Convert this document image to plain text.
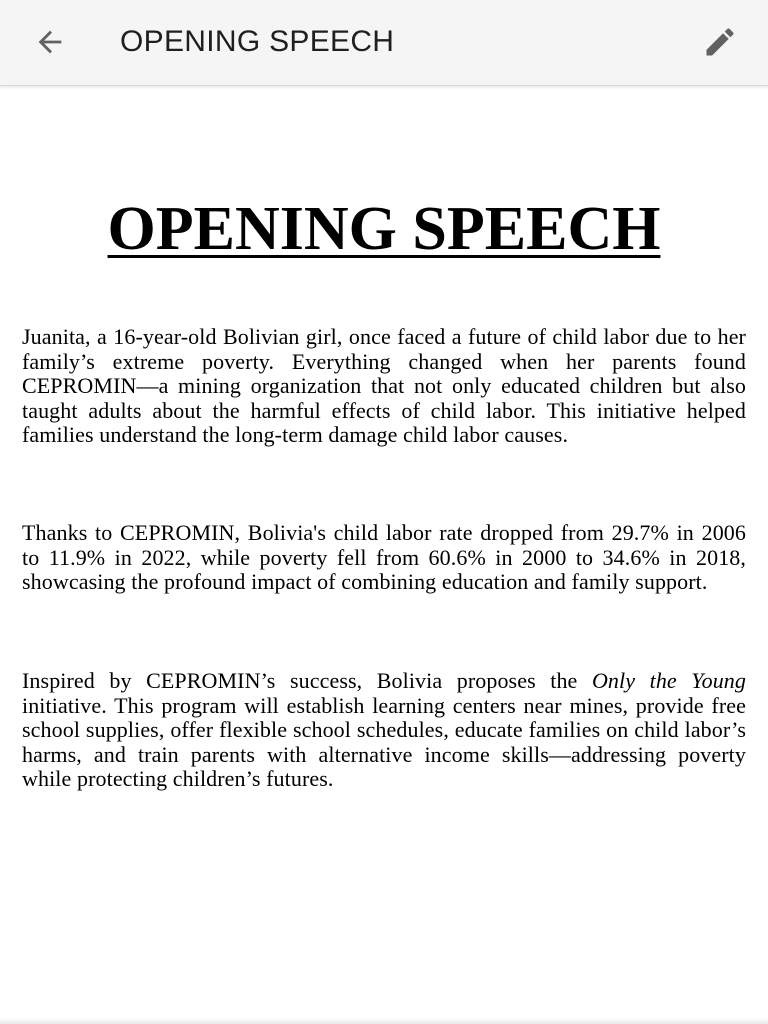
OPENING SPEECH
OPENING SPEECH

Juanita, a 16-year-old Bolivian girl, once faced a future of child labor due to her family’s extreme poverty. Everything changed when her parents found CEPROMIN—a mining organization that not only educated children but also taught adults about the harmful effects of child labor. This initiative helped families understand the long-term damage child labor causes.

Thanks to CEPROMIN, Bolivia's child labor rate dropped from 29.7% in 2006 to 11.9% in 2022, while poverty fell from 60.6% in 2000 to 34.6% in 2018, showcasing the profound impact of combining education and family support.

Inspired by CEPROMIN’s success, Bolivia proposes the Only the Young initiative. This program will establish learning centers near mines, provide free school supplies, offer flexible school schedules, educate families on child labor’s harms, and train parents with alternative income skills—addressing poverty while protecting children’s futures.
